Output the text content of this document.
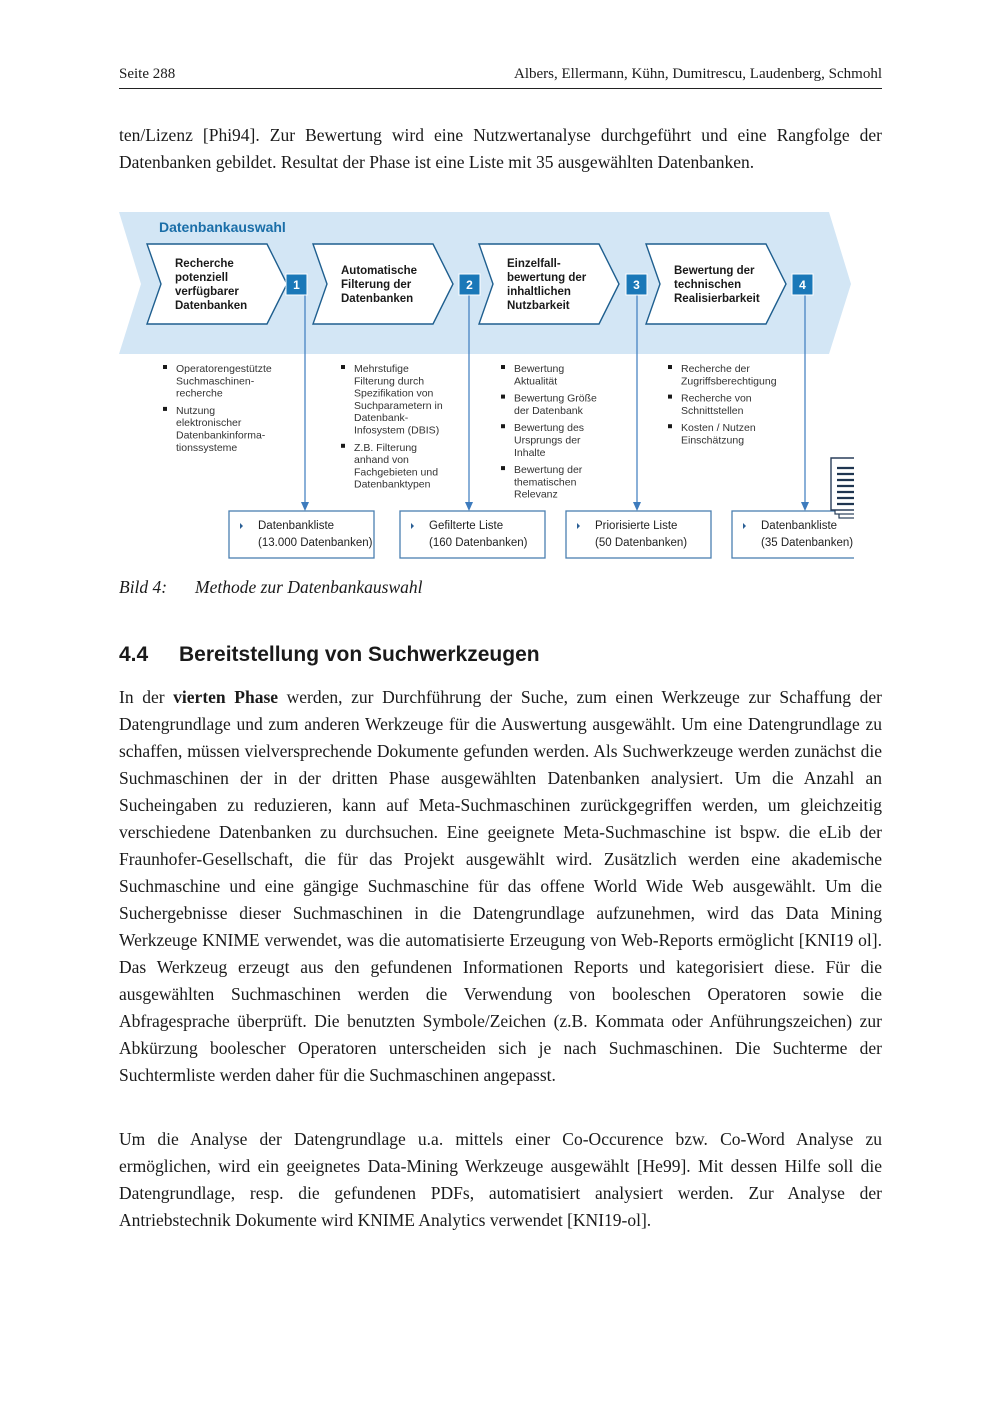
Seite 288	Albers, Ellermann, Kühn, Dumitrescu, Laudenberg, Schmohl

ten/Lizenz [Phi94]. Zur Bewertung wird eine Nutzwertanalyse durchgeführt und eine Rangfolge der Datenbanken gebildet. Resultat der Phase ist eine Liste mit 35 ausgewählten Datenbanken.

Datenbankauswahl
Recherche
potenziell
verfügbarer
Datenbanken
1
Operatorengestützte
Suchmaschinen-
recherche
Nutzung
elektronischer
Datenbankinforma-
tionssysteme
Datenbankliste
(13.000 Datenbanken)
Automatische
Filterung der
Datenbanken
2
Mehrstufige
Filterung durch
Spezifikation von
Suchparametern in
Datenbank-
Infosystem (DBIS)
Z.B. Filterung
anhand von
Fachgebieten und
Datenbanktypen
Gefilterte Liste
(160 Datenbanken)
Einzelfall-
bewertung der
inhaltlichen
Nutzbarkeit
3
Bewertung
Aktualität
Bewertung Größe
der Datenbank
Bewertung des
Ursprungs der
Inhalte
Bewertung der
thematischen
Relevanz
Priorisierte Liste
(50 Datenbanken)
Bewertung der
technischen
Realisierbarkeit
4
Recherche der
Zugriffsberechtigung
Recherche von
Schnittstellen
Kosten / Nutzen
Einschätzung
Datenbankliste
(35 Datenbanken)
Bild 4: Methode zur Datenbankauswahl
4.4 Bereitstellung von Suchwerkzeugen

In der vierten Phase werden, zur Durchführung der Suche, zum einen Werkzeuge zur Schaffung der Datengrundlage und zum anderen Werkzeuge für die Auswertung ausgewählt. Um eine Datengrundlage zu schaffen, müssen vielversprechende Dokumente gefunden werden. Als Suchwerkzeuge werden zunächst die Suchmaschinen der in der dritten Phase ausgewählten Datenbanken analysiert. Um die Anzahl an Sucheingaben zu reduzieren, kann auf Meta-Suchmaschinen zurückgegriffen werden, um gleichzeitig verschiedene Datenbanken zu durchsuchen. Eine geeignete Meta-Suchmaschine ist bspw. die eLib der Fraunhofer-Gesellschaft, die für das Projekt ausgewählt wird. Zusätzlich werden eine akademische Suchmaschine und eine gängige Suchmaschine für das offene World Wide Web ausgewählt. Um die Suchergebnisse dieser Suchmaschinen in die Datengrundlage aufzunehmen, wird das Data Mining Werkzeuge KNIME verwendet, was die automatisierte Erzeugung von Web-Reports ermöglicht [KNI19 ol]. Das Werkzeug erzeugt aus den gefundenen Informationen Reports und kategorisiert diese. Für die ausgewählten Suchmaschinen werden die Verwendung von booleschen Operatoren sowie die Abfragesprache überprüft. Die benutzten Symbole/Zeichen (z.B. Kommata oder Anführungszeichen) zur Abkürzung boolescher Operatoren unterscheiden sich je nach Suchmaschinen. Die Suchterme der Suchtermliste werden daher für die Suchmaschinen angepasst.

Um die Analyse der Datengrundlage u.a. mittels einer Co-Occurence bzw. Co-Word Analyse zu ermöglichen, wird ein geeignetes Data-Mining Werkzeuge ausgewählt [He99]. Mit dessen Hilfe soll die Datengrundlage, resp. die gefundenen PDFs, automatisiert analysiert werden. Zur Analyse der Antriebstechnik Dokumente wird KNIME Analytics verwendet [KNI19-ol].
